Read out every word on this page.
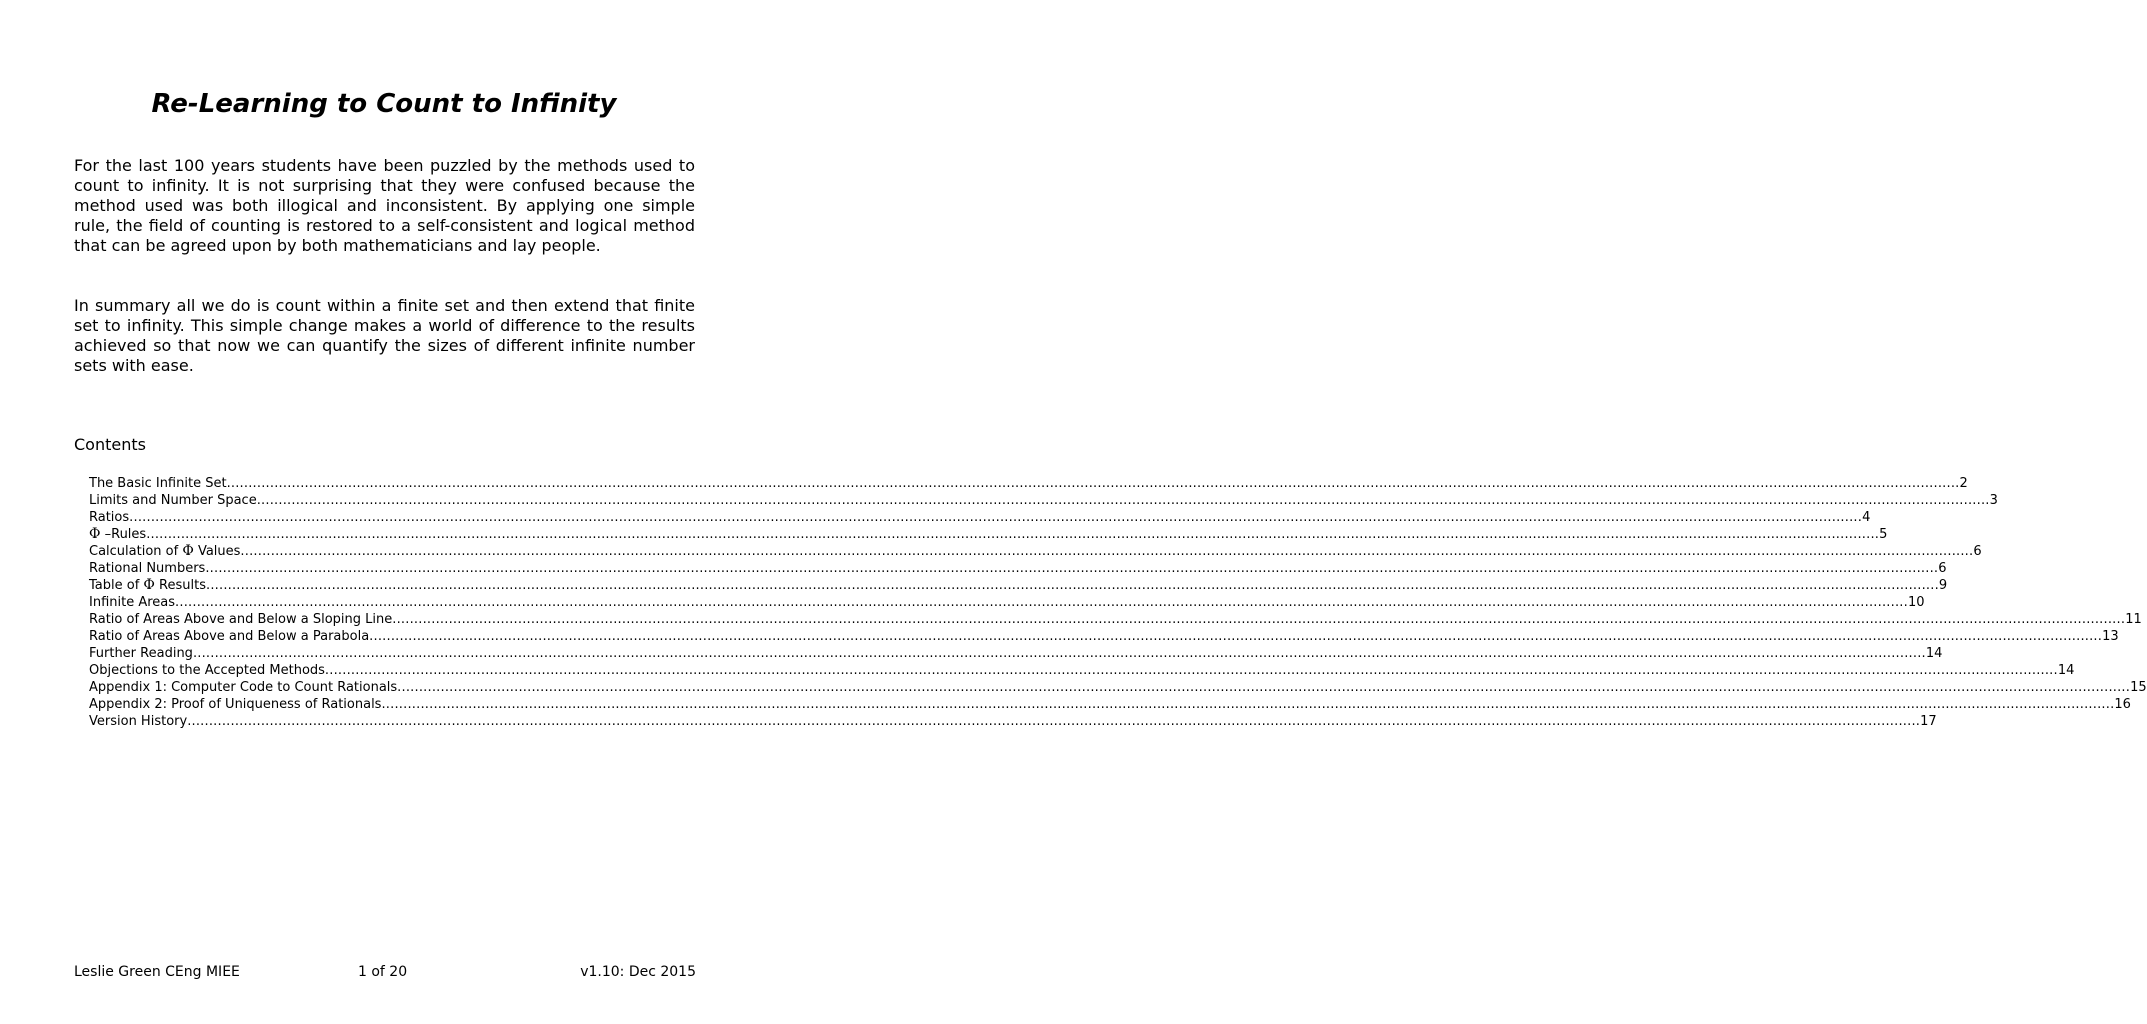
Re-Learning to Count to Infinity

For the last 100 years students have been puzzled by the methods used to count to infinity. It is not surprising that they were confused because the method used was both illogical and inconsistent. By applying one simple rule, the field of counting is restored to a self-consistent and logical method that can be agreed upon by both mathematicians and lay people.

In summary all we do is count within a finite set and then extend that finite set to infinity. This simple change makes a world of difference to the results achieved so that now we can quantify the sizes of different infinite number sets with ease.

Contents
The Basic Infinite Set ................................................................................................................................................................................................................................................................................................................................................................................................................ 2
Limits and Number Space ................................................................................................................................................................................................................................................................................................................................................................................................................ 3
Ratios ................................................................................................................................................................................................................................................................................................................................................................................................................ 4
Φ –Rules ................................................................................................................................................................................................................................................................................................................................................................................................................ 5
Calculation of Φ Values ................................................................................................................................................................................................................................................................................................................................................................................................................ 6
Rational Numbers ................................................................................................................................................................................................................................................................................................................................................................................................................ 6
Table of Φ Results ................................................................................................................................................................................................................................................................................................................................................................................................................ 9
Infinite Areas ................................................................................................................................................................................................................................................................................................................................................................................................................ 10
Ratio of Areas Above and Below a Sloping Line ................................................................................................................................................................................................................................................................................................................................................................................................................ 11
Ratio of Areas Above and Below a Parabola ................................................................................................................................................................................................................................................................................................................................................................................................................ 13
Further Reading ................................................................................................................................................................................................................................................................................................................................................................................................................ 14
Objections to the Accepted Methods ................................................................................................................................................................................................................................................................................................................................................................................................................ 14
Appendix 1: Computer Code to Count Rationals ................................................................................................................................................................................................................................................................................................................................................................................................................ 15
Appendix 2: Proof of Uniqueness of Rationals ................................................................................................................................................................................................................................................................................................................................................................................................................ 16
Version History ................................................................................................................................................................................................................................................................................................................................................................................................................ 17
Leslie Green CEng MIEE	1 of 20	v1.10: Dec 2015
